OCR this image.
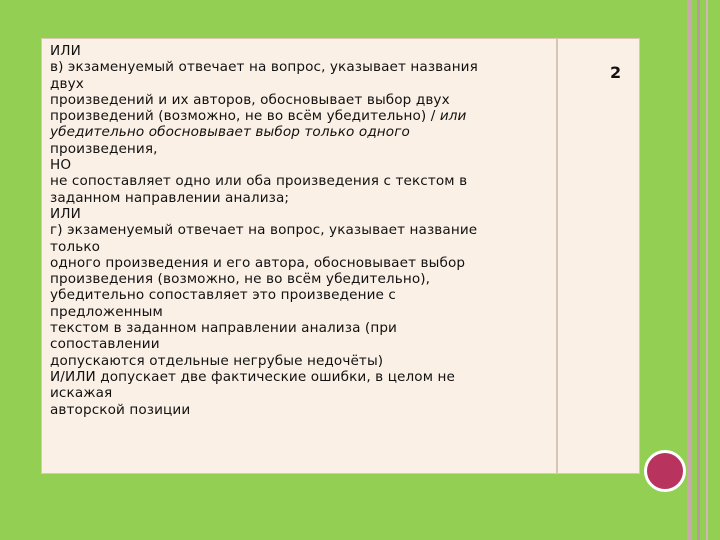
ИЛИ
в) экзаменуемый отвечает на вопрос, указывает названия
двух
произведений и их авторов, обосновывает выбор двух
произведений (возможно, не во всём убедительно) / или
убедительно обосновывает выбор только одного
произведения,
НО
не сопоставляет одно или оба произведения с текстом в
заданном направлении анализа;
ИЛИ
г) экзаменуемый отвечает на вопрос, указывает название
только
одного произведения и его автора, обосновывает выбор
произведения (возможно, не во всём убедительно),
убедительно сопоставляет это произведение с
предложенным
текстом в заданном направлении анализа (при
сопоставлении
допускаются отдельные негрубые недочёты)
И/ИЛИ допускает две фактические ошибки, в целом не
искажая
авторской позиции
2
